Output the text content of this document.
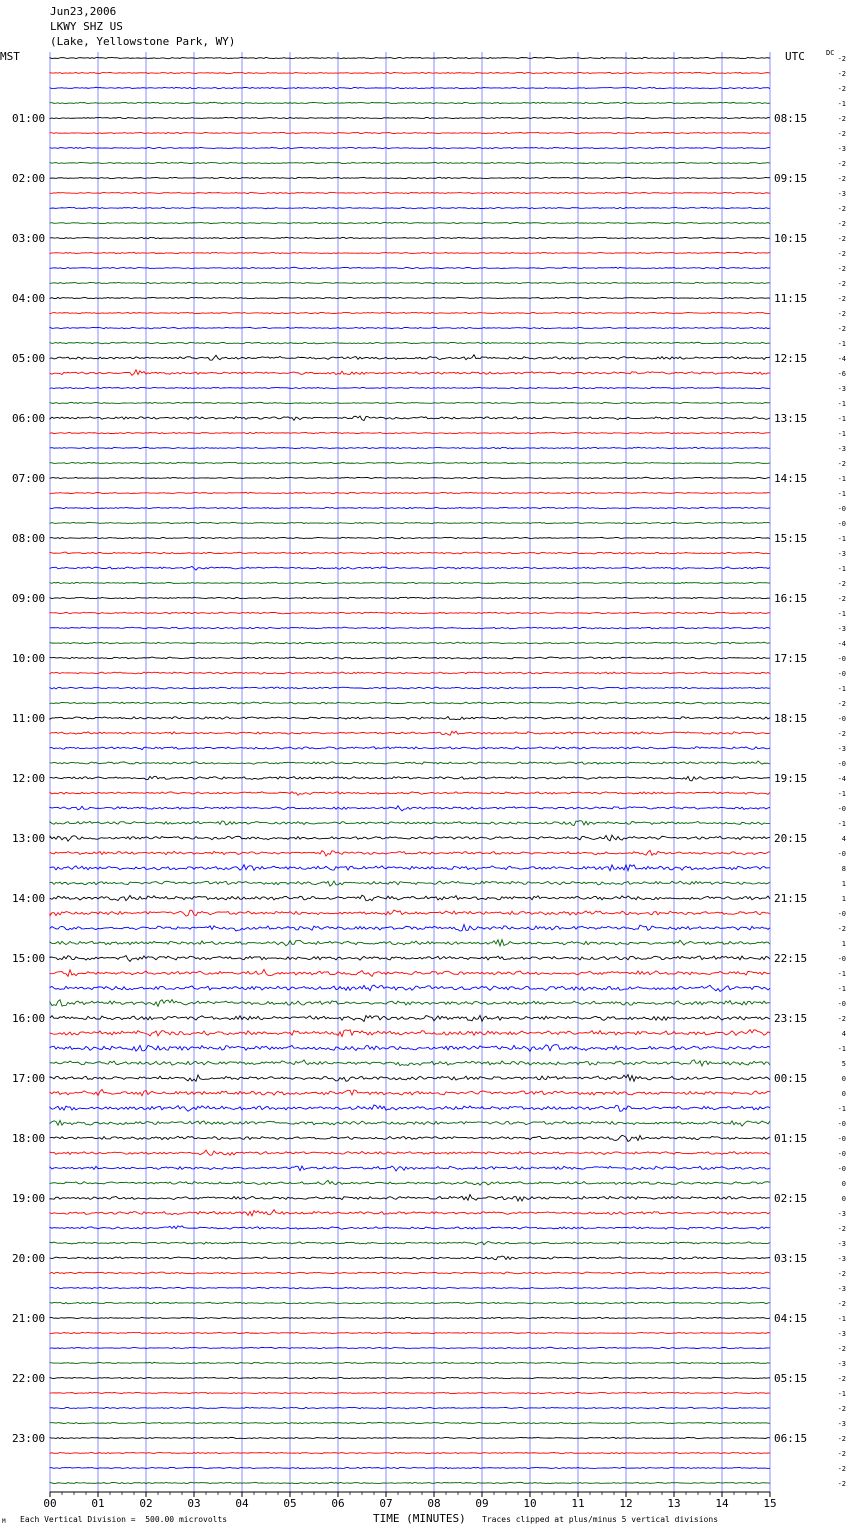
Jun23,2006
LKWY SHZ US
(Lake, Yellowstone Park, WY)
MST	UTC	DC
-2
-2
-2
-1
-2
-2
-3
-2
-2
-3
-2
-2
-2
-2
-2
-2
-2
-2
-2
-1
-4
-6
-3
-1
-1
-1
-3
-2
-1
-1
-0
-0
-1
-3
-1
-2
-2
-1
-3
-4
-0
-0
-1
-2
-0
-2
-3
-0
-4
-1
-0
-1
4
-0
8
1
1
-0
-2
1
-0
-1
-1
-0
-2
4
-1
5
0
0
-1
-0
-0
-0
-0
0
0
-3
-2
-3
-3
-2
-3
-2
-1
-3
-2
-3
-2
-1
-2
-3
-2
-2
-2
-2
01:00	08:15
02:00	09:15
03:00	10:15
04:00	11:15
05:00	12:15
06:00	13:15
07:00	14:15
08:00	15:15
09:00	16:15
10:00	17:15
11:00	18:15
12:00	19:15
13:00	20:15
14:00	21:15
15:00	22:15
16:00	23:15
17:00	00:15
18:00	01:15
19:00	02:15
20:00	03:15
21:00	04:15
22:00	05:15
23:00	06:15
00	01	02	03	04	05	06	07	08	09	10	11	12	13	14	15
M Each Vertical Division =  500.00 microvolts	TIME (MINUTES) Traces clipped at plus/minus 5 vertical divisions
